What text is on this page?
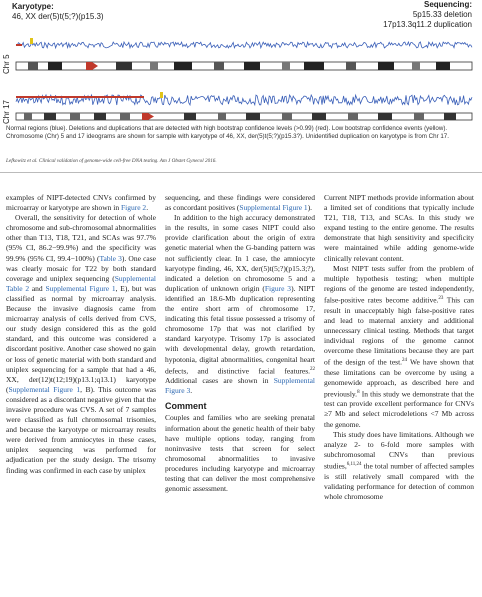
Karyotype:
46, XX der(5)t(5;?)(p15.3)
Sequencing:
5p15.33 deletion
17p13.3q11.2 duplication
Chr 5
Chr 17
Normal regions (blue). Deletions and duplications that are detected with high bootstrap confidence levels (>0.99) (red). Low bootstrap confidence events (yellow). Chromosome (Chr) 5 and 17 ideograms are shown for sample with karyotype of 46, XX, der(5)t(5;?)(p15.3?). Unidentified duplication on karyotype is from Chr 17.
Lefkowitz et al. Clinical validation of genome-wide cell-free DNA testing. Am J Obstet Gynecol 2016.

examples of NIPT-detected CNVs confirmed by microarray or karyotype are shown in Figure 2.

Overall, the sensitivity for detection of whole chromosome and sub-chromosomal abnormalities other than T13, T18, T21, and SCAs was 97.7% (95% CI, 86.2−99.9%) and the specificity was 99.9% (95% CI, 99.4−100%) (Table 3). One case was clearly mosaic for T22 by both standard coverage and uniplex sequencing (Supplemental Table 2 and Supplemental Figure 1, E), but was classified as normal by microarray analysis. Because the invasive diagnosis came from microarray analysis of cells derived from CVS, our study design considered this as the gold standard, and this outcome was considered a discordant positive. Another case showed no gain or loss of genetic material with both standard and uniplex sequencing for a sample that had a 46, XX, der(12)t(12;19)(p13.1;q13.1) karyotype (Supplemental Figure 1, B). This outcome was considered as a discordant negative given that the invasive procedure was CVS. A set of 7 samples were classified as full chromosomal trisomies, and because the karyotype or microarray results were derived from amniocytes in these cases, uniplex sequencing was performed for adjudication per the study design. The trisomy finding was confirmed in each case by uniplex

sequencing, and these findings were considered as concordant positives (Supplemental Figure 1).

In addition to the high accuracy demonstrated in the results, in some cases NIPT could also provide clarification about the origin of extra genetic material when the G-banding pattern was not sufficiently clear. In 1 case, the amniocyte karyotype finding, 46, XX, der(5)t(5;?)(p15.3;?), indicated a deletion on chromosome 5 and a duplication of unknown origin (Figure 3). NIPT identified an 18.6-Mb duplication representing the entire short arm of chromosome 17, indicating this fetal tissue possessed a trisomy of chromosome 17p that was not clarified by standard karyotype. Trisomy 17p is associated with developmental delay, growth retardation, hypotonia, digital abnormalities, congenital heart defects, and distinctive facial features.$^{22}$ Additional cases are shown in Supplemental Figure 3.

Comment

Couples and families who are seeking prenatal information about the genetic health of their baby have multiple options today, ranging from noninvasive tests that screen for select chromosomal abnormalities to invasive procedures including karyotype and microarray testing that can deliver the most comprehensive genomic assessment.

Current NIPT methods provide information about a limited set of conditions that typically include T21, T18, T13, and SCAs. In this study we expand testing to the entire genome. The results demonstrate that high sensitivity and specificity were maintained while adding genome-wide clinically relevant content.

Most NIPT tests suffer from the problem of multiple hypothesis testing; when multiple regions of the genome are tested independently, false-positive rates become additive.$^{23}$ This can result in unacceptably high false-positive rates and lead to maternal anxiety and additional unnecessary clinical testing. Methods that target individual regions of the genome cannot overcome these limitations because they are part of the design of the test.$^{24}$ We have shown that these limitations can be overcome by using a genomewide approach, as described here and previously.$^8$ In this study we demonstrate that the test can provide excellent performance for CNVs ≥7 Mb and select microdeletions <7 Mb across the genome.

This study does have limitations. Although we analyze 2- to 6-fold more samples with subchromosomal CNVs than previous studies,$^{6,11,24}$ the total number of affected samples is still relatively small compared with the validating performance for detection of common whole chromosome
